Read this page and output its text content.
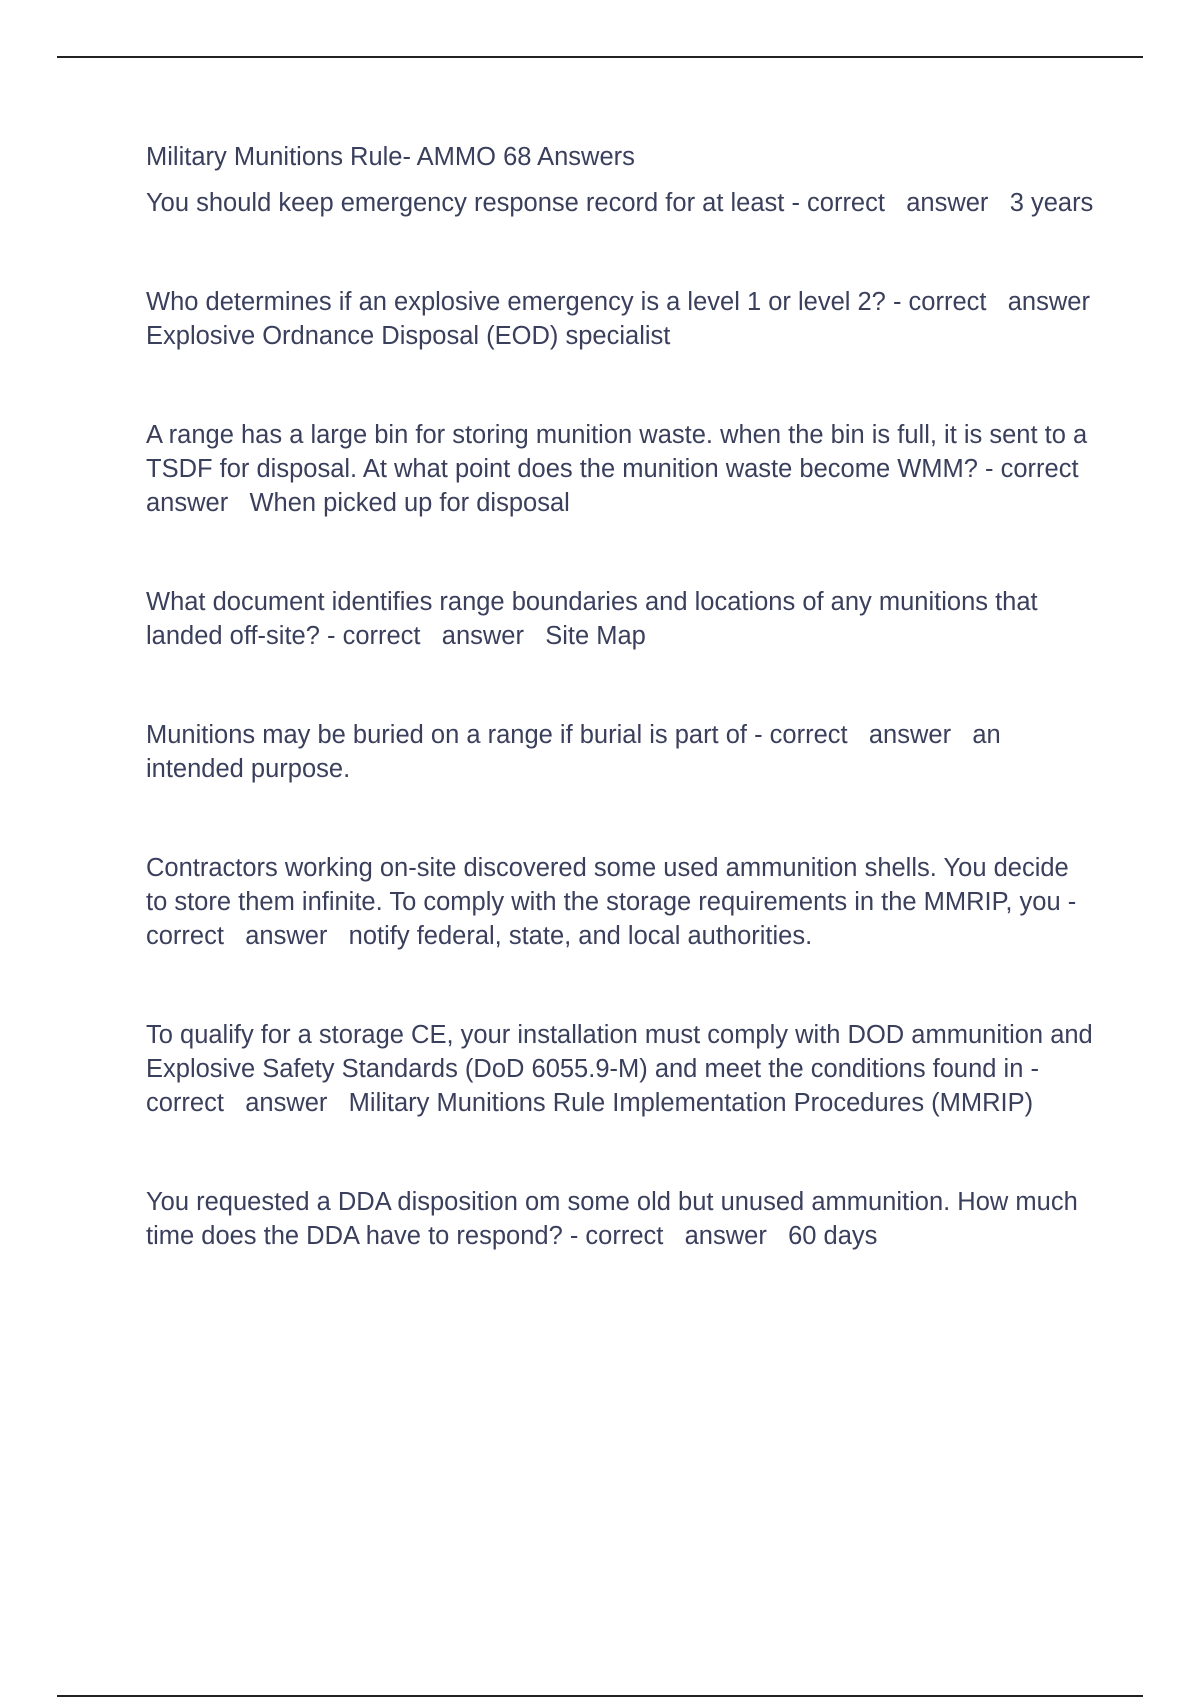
Military Munitions Rule- AMMO 68 Answers

You should keep emergency response record for at least - correct answer 3 years

Who determines if an explosive emergency is a level 1 or level 2? - correct answer   Explosive Ordnance Disposal (EOD) specialist

A range has a large bin for storing munition waste. when the bin is full, it is sent to a TSDF for disposal. At what point does the munition waste become WMM? - correct   answer When picked up for disposal

What document identifies range boundaries and locations of any munitions that landed off-site? - correct answer Site Map

Munitions may be buried on a range if burial is part of - correct answer an intended purpose.

Contractors working on-site discovered some used ammunition shells. You decide to store them infinite. To comply with the storage requirements in the MMRIP, you - correct answer notify federal, state, and local authorities.

To qualify for a storage CE, your installation must comply with DOD ammunition and Explosive Safety Standards (DoD 6055.9-M) and meet the conditions found in - correct answer Military Munitions Rule Implementation Procedures (MMRIP)

You requested a DDA disposition om some old but unused ammunition. How much time does the DDA have to respond? - correct answer 60 days
